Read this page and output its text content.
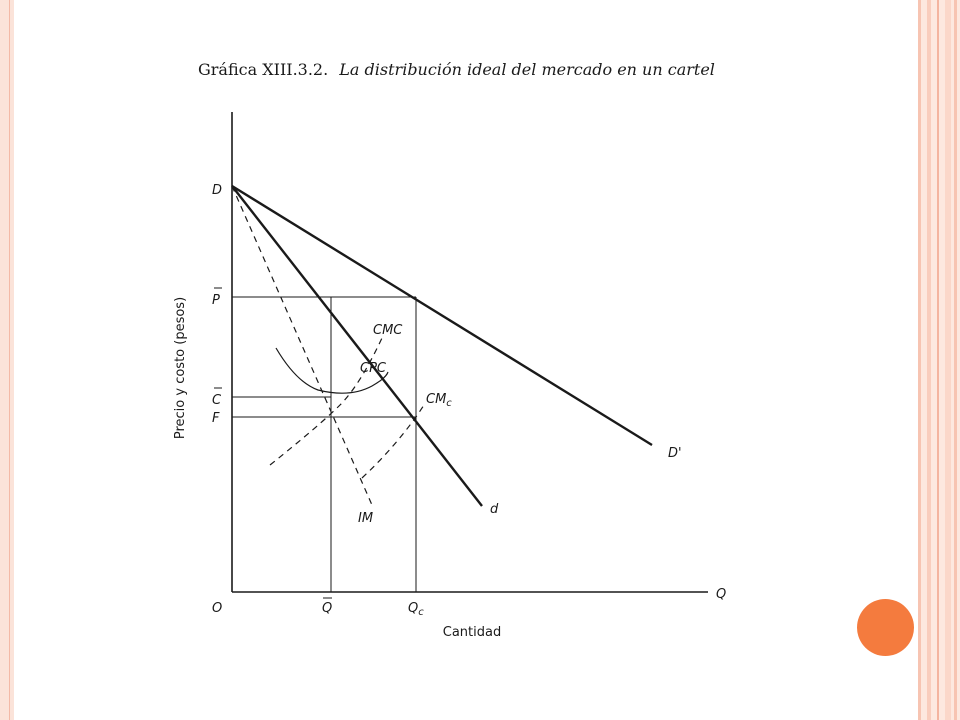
Gráfica XIII.3.2. La distribución ideal del mercado en un cartel
Precio y costo (pesos)
Cantidad
O
Q
D
P
C
F
Q	$Q_c$
D'
d
IM
CMC
$CM_c$
CPC
